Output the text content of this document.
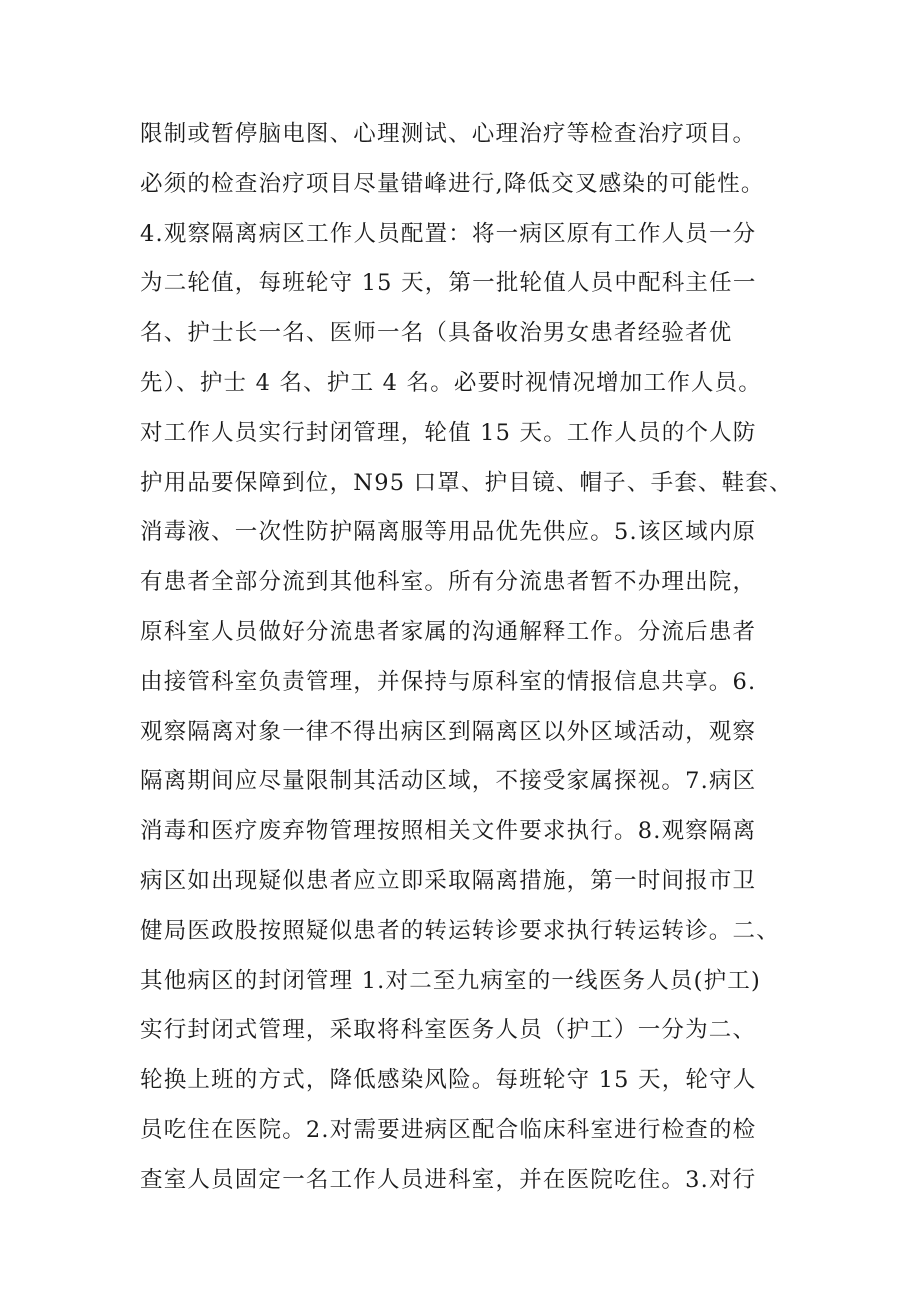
限制或暂停脑电图、心理测试、心理治疗等检查治疗项目。
必须的检查治疗项目尽量错峰进行,降低交叉感染的可能性。
4.观察隔离病区工作人员配置：将一病区原有工作人员一分
为二轮值，每班轮守 15 天，第一批轮值人员中配科主任一
名、护士长一名、医师一名（具备收治男女患者经验者优
先）、护士 4 名、护工 4 名。必要时视情况增加工作人员。
对工作人员实行封闭管理，轮值 15 天。工作人员的个人防
护用品要保障到位，N95 口罩、护目镜、帽子、手套、鞋套、
消毒液、一次性防护隔离服等用品优先供应。5.该区域内原
有患者全部分流到其他科室。所有分流患者暂不办理出院，
原科室人员做好分流患者家属的沟通解释工作。分流后患者
由接管科室负责管理，并保持与原科室的情报信息共享。6.
观察隔离对象一律不得出病区到隔离区以外区域活动，观察
隔离期间应尽量限制其活动区域，不接受家属探视。7.病区
消毒和医疗废弃物管理按照相关文件要求执行。8.观察隔离
病区如出现疑似患者应立即采取隔离措施，第一时间报市卫
健局医政股按照疑似患者的转运转诊要求执行转运转诊。二、
其他病区的封闭管理 1.对二至九病室的一线医务人员(护工)
实行封闭式管理，采取将科室医务人员（护工）一分为二、
轮换上班的方式，降低感染风险。每班轮守 15 天，轮守人
员吃住在医院。2.对需要进病区配合临床科室进行检查的检
查室人员固定一名工作人员进科室，并在医院吃住。3.对行
